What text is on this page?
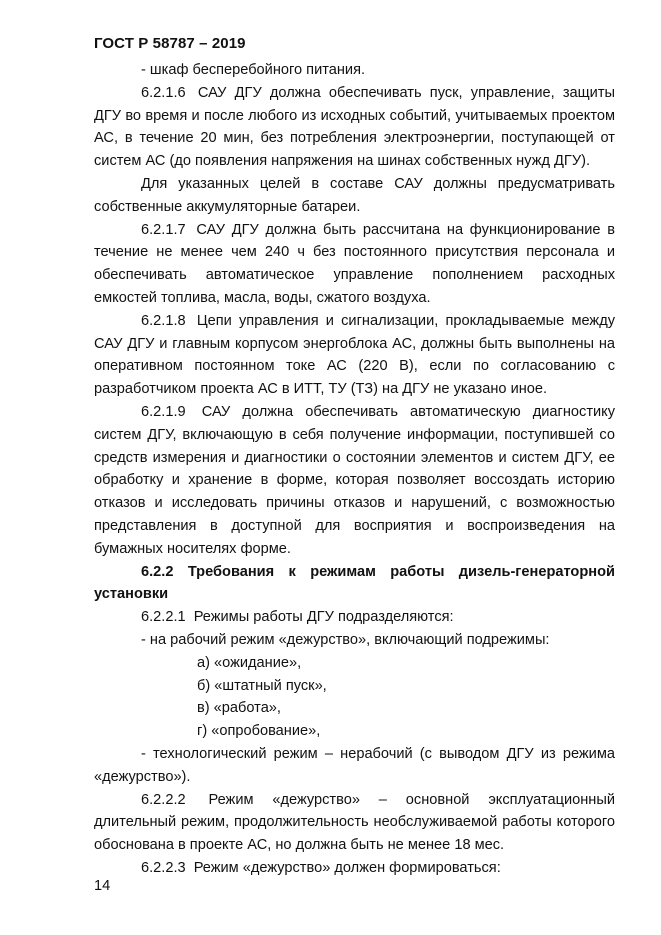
ГОСТ Р 58787 – 2019

- шкаф бесперебойного питания.

6.2.1.6 САУ ДГУ должна обеспечивать пуск, управление, защиты ДГУ во время и после любого из исходных событий, учитываемых проектом АС, в течение 20 мин, без потребления электроэнергии, поступающей от систем АС (до появления напряжения на шинах собственных нужд ДГУ).

Для указанных целей в составе САУ должны предусматривать собственные аккумуляторные батареи.

6.2.1.7 САУ ДГУ должна быть рассчитана на функционирование в течение не менее чем 240 ч без постоянного присутствия персонала и обеспечивать автоматическое управление пополнением расходных емкостей топлива, масла, воды, сжатого воздуха.

6.2.1.8 Цепи управления и сигнализации, прокладываемые между САУ ДГУ и главным корпусом энергоблока АС, должны быть выполнены на оперативном постоянном токе АС (220 В), если по согласованию с разработчиком проекта АС в ИТТ, ТУ (ТЗ) на ДГУ не указано иное.

6.2.1.9 САУ должна обеспечивать автоматическую диагностику систем ДГУ, включающую в себя получение информации, поступившей со средств измерения и диагностики о состоянии элементов и систем ДГУ, ее обработку и хранение в форме, которая позволяет воссоздать историю отказов и исследовать причины отказов и нарушений, с возможностью представления в доступной для восприятия и воспроизведения на бумажных носителях форме.

6.2.2 Требования к режимам работы дизель-генераторной

установки

6.2.2.1 Режимы работы ДГУ подразделяются:

- на рабочий режим «дежурство», включающий подрежимы:

а) «ожидание»,

б) «штатный пуск»,

в) «работа»,

г) «опробование»,

- технологический режим – нерабочий (с выводом ДГУ из режима «дежурство»).

6.2.2.2 Режим «дежурство» – основной эксплуатационный длительный режим, продолжительность необслуживаемой работы которого обоснована в проекте АС, но должна быть не менее 18 мес.

6.2.2.3 Режим «дежурство» должен формироваться:

14
